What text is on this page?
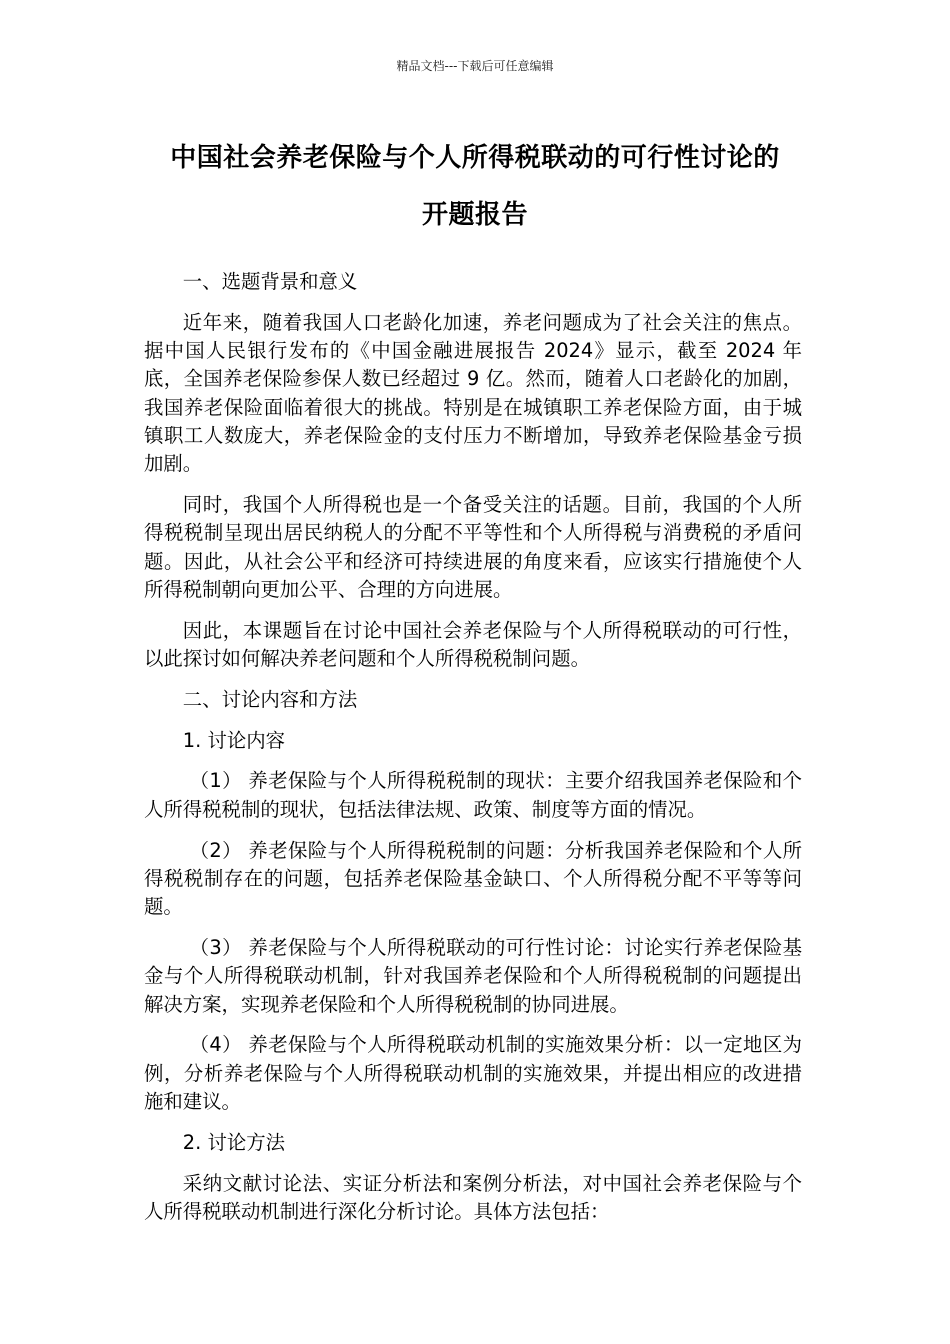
精品文档---下载后可任意编辑
中国社会养老保险与个人所得税联动的可行性讨论的
开题报告

一、选题背景和意义

近年来，随着我国人口老龄化加速，养老问题成为了社会关注的焦点。据中国人民银行发布的《中国金融进展报告 2024》显示，截至 2024 年底，全国养老保险参保人数已经超过 9 亿。然而，随着人口老龄化的加剧，我国养老保险面临着很大的挑战。特别是在城镇职工养老保险方面，由于城镇职工人数庞大，养老保险金的支付压力不断增加，导致养老保险基金亏损加剧。

同时，我国个人所得税也是一个备受关注的话题。目前，我国的个人所得税税制呈现出居民纳税人的分配不平等性和个人所得税与消费税的矛盾问题。因此，从社会公平和经济可持续进展的角度来看，应该实行措施使个人所得税制朝向更加公平、合理的方向进展。

因此，本课题旨在讨论中国社会养老保险与个人所得税联动的可行性，以此探讨如何解决养老问题和个人所得税税制问题。

二、讨论内容和方法

1. 讨论内容

（1） 养老保险与个人所得税税制的现状：主要介绍我国养老保险和个人所得税税制的现状，包括法律法规、政策、制度等方面的情况。

（2） 养老保险与个人所得税税制的问题：分析我国养老保险和个人所得税税制存在的问题，包括养老保险基金缺口、个人所得税分配不平等等问题。

（3） 养老保险与个人所得税联动的可行性讨论：讨论实行养老保险基金与个人所得税联动机制，针对我国养老保险和个人所得税税制的问题提出解决方案，实现养老保险和个人所得税税制的协同进展。

（4） 养老保险与个人所得税联动机制的实施效果分析：以一定地区为例，分析养老保险与个人所得税联动机制的实施效果，并提出相应的改进措施和建议。

2. 讨论方法

采纳文献讨论法、实证分析法和案例分析法，对中国社会养老保险与个人所得税联动机制进行深化分析讨论。具体方法包括：
